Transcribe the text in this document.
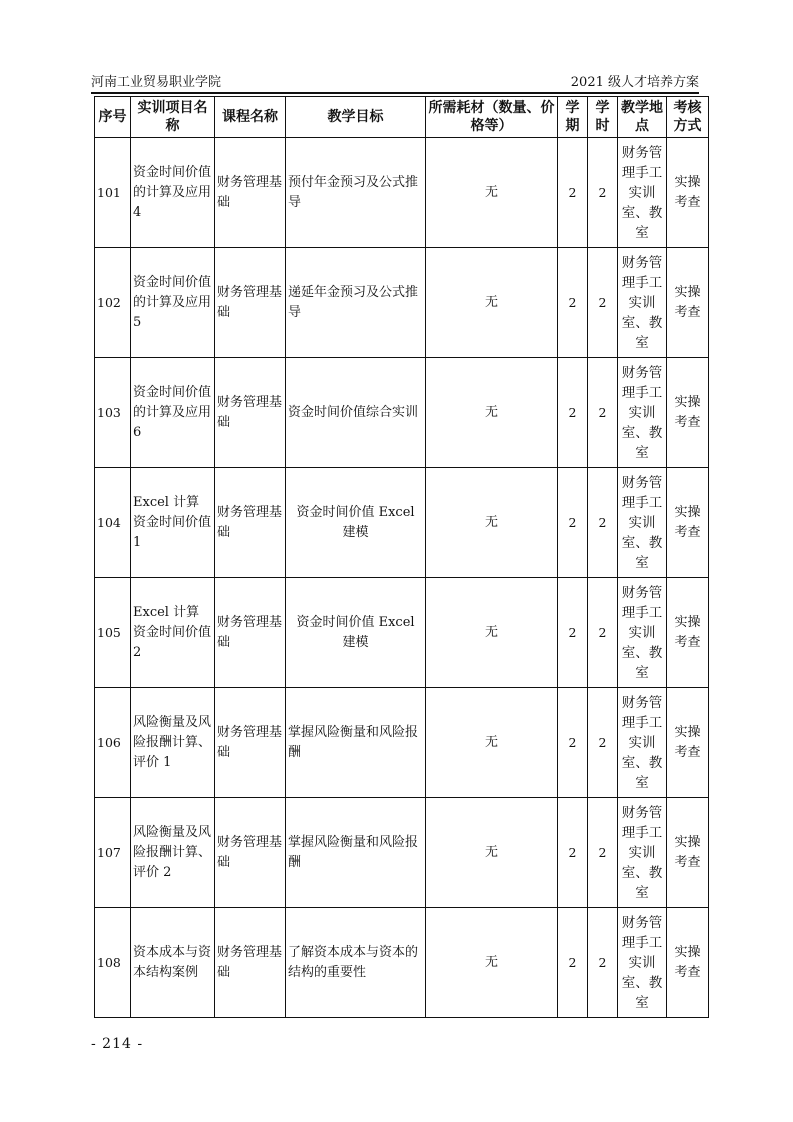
河南工业贸易职业学院	2021 级人才培养方案
序号	实训项目名称	课程名称	教学目标	所需耗材（数量、价格等）	学期	学时	教学地点	考核方式
101	资金时间价值的计算及应用 4	财务管理基础	预付年金预习及公式推导	无	2	2	财务管理手工实训室、教室	实操考查
102	资金时间价值的计算及应用 5	财务管理基础	递延年金预习及公式推导	无	2	2	财务管理手工实训室、教室	实操考查
103	资金时间价值的计算及应用 6	财务管理基础	资金时间价值综合实训	无	2	2	财务管理手工实训室、教室	实操考查
104	Excel 计算资金时间价值 1	财务管理基础	资金时间价值 Excel 建模	无	2	2	财务管理手工实训室、教室	实操考查
105	Excel 计算资金时间价值 2	财务管理基础	资金时间价值 Excel 建模	无	2	2	财务管理手工实训室、教室	实操考查
106	风险衡量及风险报酬计算、评价 1	财务管理基础	掌握风险衡量和风险报酬	无	2	2	财务管理手工实训室、教室	实操考查
107	风险衡量及风险报酬计算、评价 2	财务管理基础	掌握风险衡量和风险报酬	无	2	2	财务管理手工实训室、教室	实操考查
108	资本成本与资本结构案例	财务管理基础	了解资本成本与资本的结构的重要性	无	2	2	财务管理手工实训室、教室	实操考查
- 214 -
